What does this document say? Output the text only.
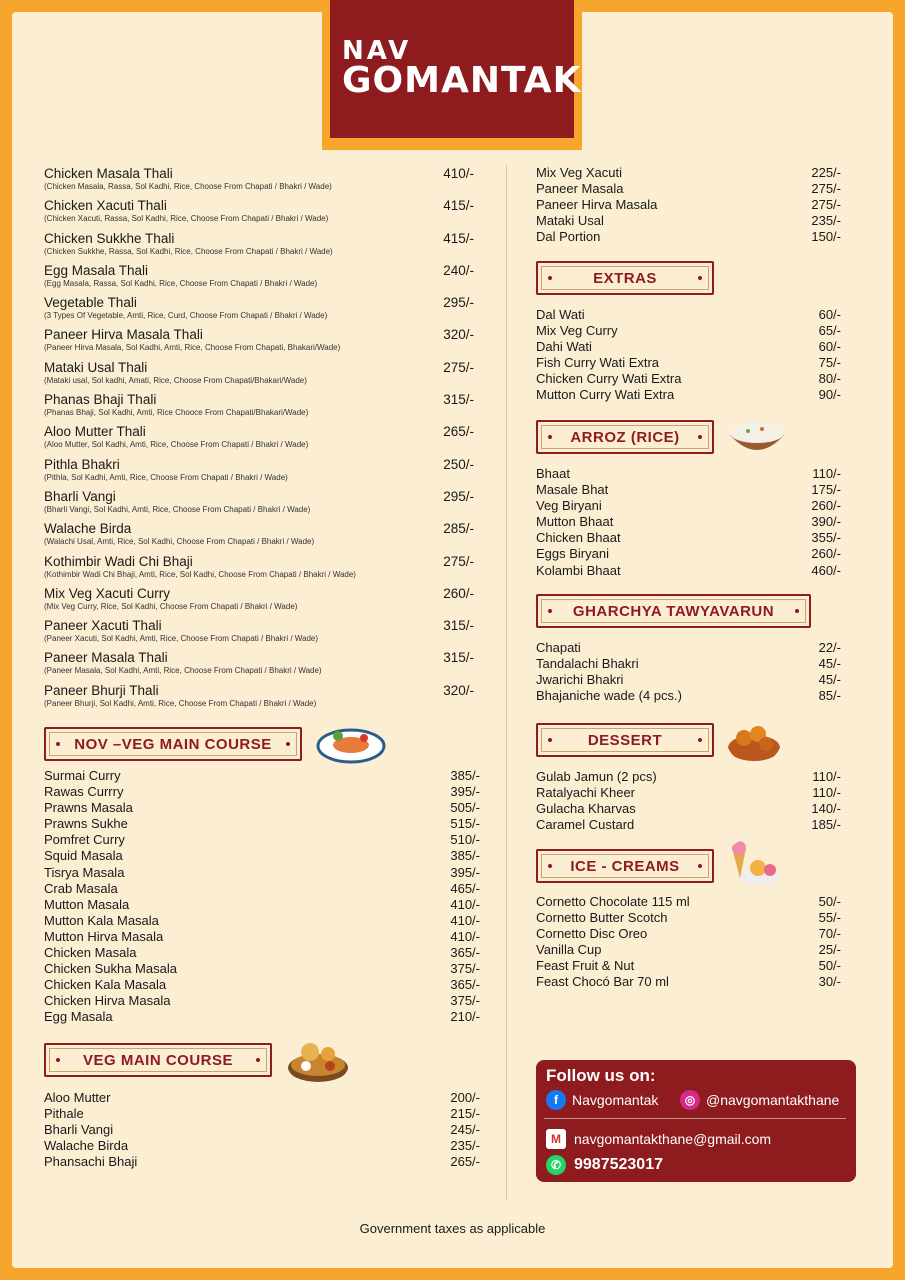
NAV
GOMANTAK
Chicken Masala Thali	410/-
(Chicken Masala, Rassa, Sol Kadhi, Rice, Choose From Chapati / Bhakri / Wade)
Chicken Xacuti Thali	415/-
(Chicken Xacuti, Rassa, Sol Kadhi, Rice, Choose From Chapati / Bhakri / Wade)
Chicken Sukkhe Thali	415/-
(Chicken Sukkhe, Rassa, Sol Kadhi, Rice, Choose From Chapati / Bhakri / Wade)
Egg Masala Thali	240/-
(Egg Masala, Rassa, Sol Kadhi, Rice, Choose From Chapati / Bhakri / Wade)
Vegetable Thali	295/-
(3 Types Of Vegetable, Amti, Rice, Curd, Choose From Chapati / Bhakri / Wade)
Paneer Hirva Masala Thali	320/-
(Paneer Hirva Masala, Sol Kadhi, Amti, Rice, Choose From Chapati, Bhakari/Wade)
Mataki Usal Thali	275/-
(Mataki usal, Sol kadhi, Amati, Rice, Choose From Chapati/Bhakari/Wade)
Phanas Bhaji Thali	315/-
(Phanas Bhaji, Sol Kadhi, Amti, Rice Chooce From Chapati/Bhakari/Wade)
Aloo Mutter Thali	265/-
(Aloo Mutter, Sol Kadhi, Amti, Rice, Choose From Chapati / Bhakri / Wade)
Pithla Bhakri	250/-
(Pithla, Sol Kadhi, Amti, Rice, Choose From Chapati / Bhakri / Wade)
Bharli Vangi	295/-
(Bharli Vangi, Sol Kadhi, Amti, Rice, Choose From Chapati / Bhakri / Wade)
Walache Birda	285/-
(Walachi Usal, Amti, Rice, Sol Kadhi, Choose From Chapati / Bhakri / Wade)
Kothimbir Wadi Chi Bhaji	275/-
(Kothimbir Wadi Chi Bhaji, Amti, Rice, Sol Kadhi, Choose From Chapati / Bhakri / Wade)
Mix Veg Xacuti Curry	260/-
(Mix Veg Curry, Rice, Sol Kadhi, Choose From Chapati / Bhakri / Wade)
Paneer Xacuti Thali	315/-
(Paneer Xacuti, Sol Kadhi, Amti, Rice, Choose From Chapati / Bhakri / Wade)
Paneer Masala Thali	315/-
(Paneer Masala, Sol Kadhi, Amti, Rice, Choose From Chapati / Bhakri / Wade)
Paneer Bhurji Thali	320/-
(Paneer Bhurji, Sol Kadhi, Amti, Rice, Choose From Chapati / Bhakri / Wade)
NOV –VEG MAIN COURSE
Surmai Curry	385/-
Rawas Currry	395/-
Prawns Masala	505/-
Prawns Sukhe	515/-
Pomfret Curry	510/-
Squid Masala	385/-
Tisrya Masala	395/-
Crab Masala	465/-
Mutton Masala	410/-
Mutton Kala Masala	410/-
Mutton Hirva Masala	410/-
Chicken Masala	365/-
Chicken Sukha Masala	375/-
Chicken Kala Masala	365/-
Chicken Hirva Masala	375/-
Egg Masala	210/-
VEG MAIN COURSE
Aloo Mutter	200/-
Pithale	215/-
Bharli Vangi	245/-
Walache Birda	235/-
Phansachi Bhaji	265/-
Mix Veg Xacuti	225/-
Paneer Masala	275/-
Paneer Hirva Masala	275/-
Mataki Usal	235/-
Dal Portion	150/-
EXTRAS
Dal Wati	60/-
Mix Veg Curry	65/-
Dahi Wati	60/-
Fish Curry Wati Extra	75/-
Chicken Curry Wati Extra	80/-
Mutton Curry Wati Extra	90/-
ARROZ (RICE)
Bhaat	110/-
Masale Bhat	175/-
Veg Biryani	260/-
Mutton Bhaat	390/-
Chicken Bhaat	355/-
Eggs Biryani	260/-
Kolambi Bhaat	460/-
GHARCHYA TAWYAVARUN
Chapati	22/-
Tandalachi Bhakri	45/-
Jwarichi Bhakri	45/-
Bhajaniche wade (4 pcs.)	85/-
DESSERT
Gulab Jamun (2 pcs)	110/-
Ratalyachi Kheer	110/-
Gulacha Kharvas	140/-
Caramel Custard	185/-
ICE - CREAMS
Cornetto Chocolate 115 ml	50/-
Cornetto Butter Scotch	55/-
Cornetto Disc Oreo	70/-
Vanilla Cup	25/-
Feast Fruit & Nut	50/-
Feast Chocó Bar 70 ml	30/-
Follow us on:
f	Navgomantak	◎ @navgomantakthane
M navgomantakthane@gmail.com
✆ 9987523017
Government taxes as applicable
